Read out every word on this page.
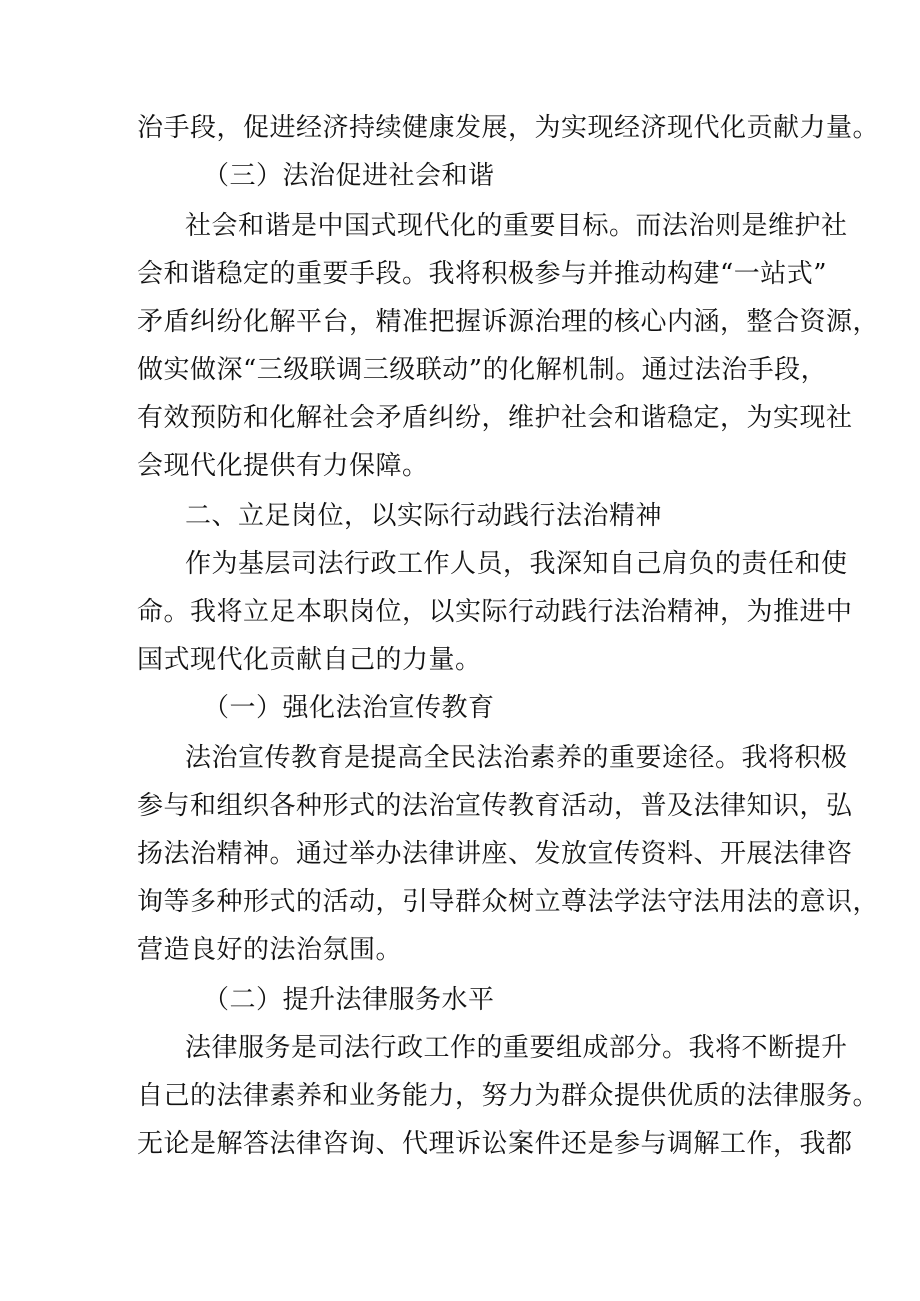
治手段，促进经济持续健康发展，为实现经济现代化贡献力量。
（三）法治促进社会和谐
社会和谐是中国式现代化的重要目标。而法治则是维护社
会和谐稳定的重要手段。我将积极参与并推动构建“一站式”
矛盾纠纷化解平台，精准把握诉源治理的核心内涵，整合资源，
做实做深“三级联调三级联动”的化解机制。通过法治手段，
有效预防和化解社会矛盾纠纷，维护社会和谐稳定，为实现社
会现代化提供有力保障。
二、立足岗位，以实际行动践行法治精神
作为基层司法行政工作人员，我深知自己肩负的责任和使
命。我将立足本职岗位，以实际行动践行法治精神，为推进中
国式现代化贡献自己的力量。
（一）强化法治宣传教育
法治宣传教育是提高全民法治素养的重要途径。我将积极
参与和组织各种形式的法治宣传教育活动，普及法律知识，弘
扬法治精神。通过举办法律讲座、发放宣传资料、开展法律咨
询等多种形式的活动，引导群众树立尊法学法守法用法的意识，
营造良好的法治氛围。
（二）提升法律服务水平
法律服务是司法行政工作的重要组成部分。我将不断提升
自己的法律素养和业务能力，努力为群众提供优质的法律服务。
无论是解答法律咨询、代理诉讼案件还是参与调解工作，我都
